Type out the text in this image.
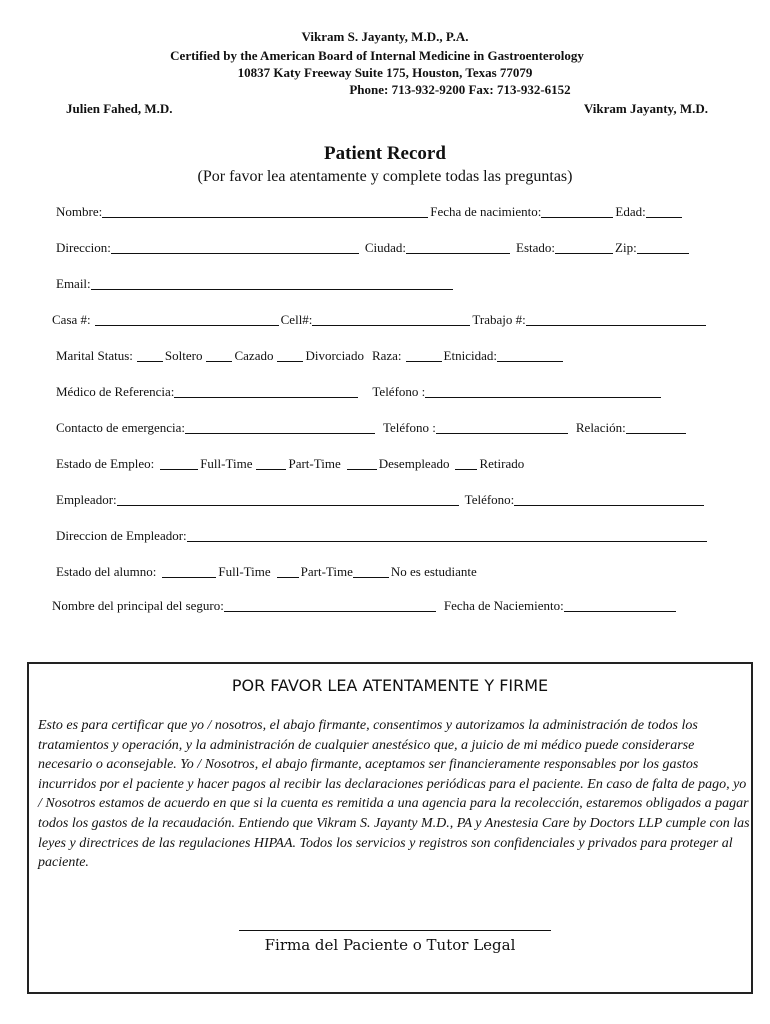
Vikram S. Jayanty, M.D., P.A.
Certified by the American Board of Internal Medicine in Gastroenterology
10837 Katy Freeway Suite 175, Houston, Texas 77079
Phone: 713-932-9200 Fax: 713-932-6152
Julien Fahed, M.D.	Vikram Jayanty, M.D.
Patient Record
(Por favor lea atentamente y complete todas las preguntas)
Nombre:	Fecha de nacimiento:	Edad:
Direccion:	Ciudad:	Estado:	Zip:
Email:
Casa #:	Cell#:	Trabajo #:
Marital Status: Soltero Cazado Divorciado Raza:	Etnicidad:
Médico de Referencia:	Teléfono :
Contacto de emergencia:	Teléfono :	Relación:
Estado de Empleo:	Full-Time	Part-Time	Desempleado Retirado
Empleador:	Teléfono:
Direccion de Empleador:
Estado del alumno:	Full-Time Part-Time	No es estudiante
Nombre del principal del seguro:	Fecha de Naciemiento:
POR FAVOR LEA ATENTAMENTE Y FIRME
Esto es para certificar que yo / nosotros, el abajo firmante, consentimos y autorizamos la administración de todos los tratamientos y operación, y la administración de cualquier anestésico que, a juicio de mi médico puede considerarse necesario o aconsejable. Yo / Nosotros, el abajo firmante, aceptamos ser financieramente responsables por los gastos incurridos por el paciente y hacer pagos al recibir las declaraciones periódicas para el paciente. En caso de falta de pago, yo / Nosotros estamos de acuerdo en que si la cuenta es remitida a una agencia para la recolección, estaremos obligados a pagar todos los gastos de la recaudación. Entiendo que Vikram S. Jayanty M.D., PA y Anestesia Care by Doctors LLP cumple con las leyes y directrices de las regulaciones HIPAA. Todos los servicios y registros son confidenciales y privados para proteger al paciente.
Firma del Paciente o Tutor Legal
